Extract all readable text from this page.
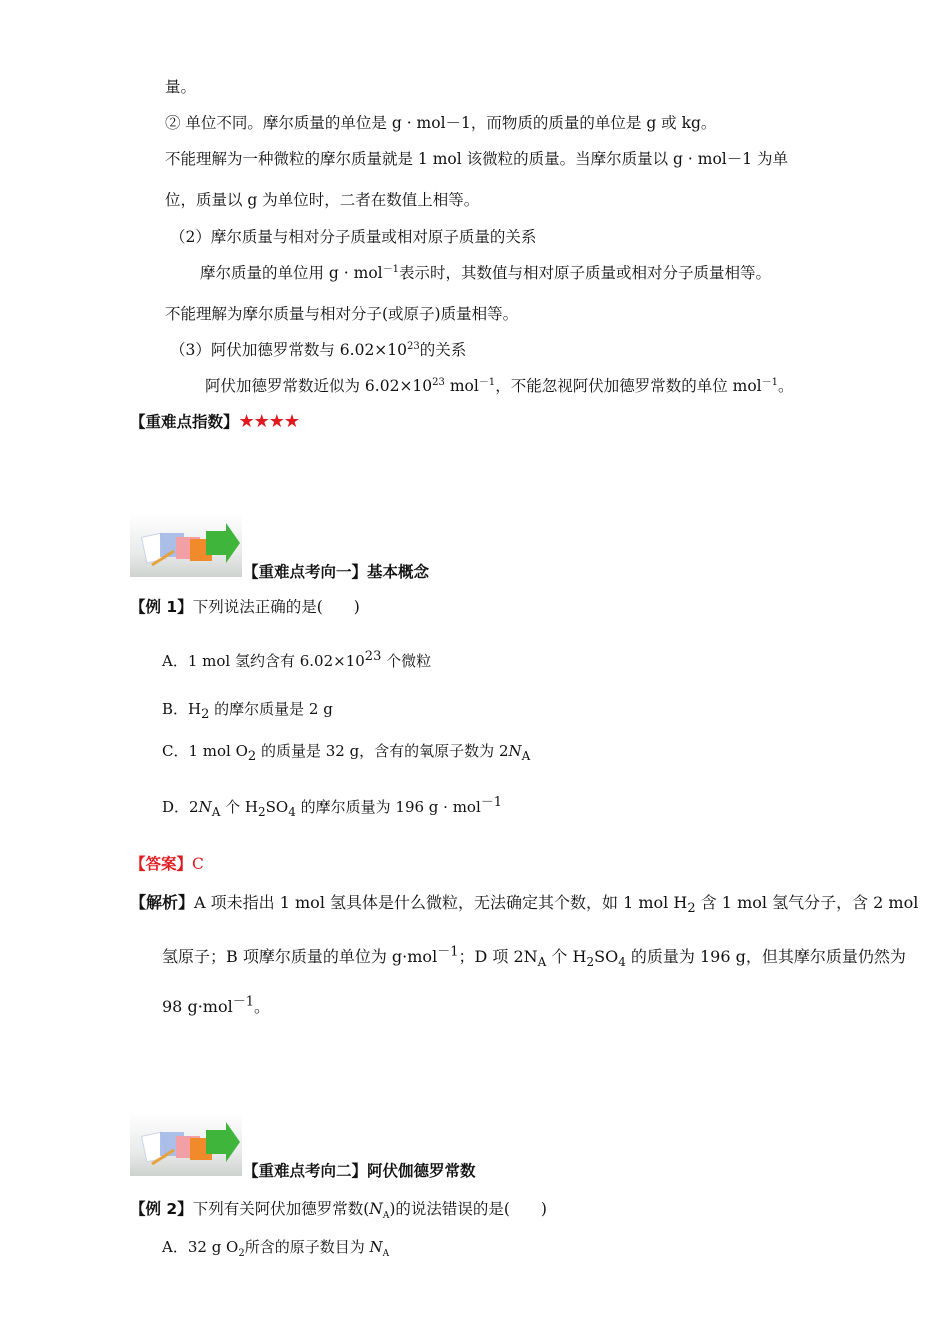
量。
② 单位不同。摩尔质量的单位是 g · mol－1，而物质的质量的单位是 g 或 kg。
不能理解为一种微粒的摩尔质量就是 1 mol 该微粒的质量。当摩尔质量以 g · mol－1 为单
位，质量以 g 为单位时，二者在数值上相等。
（2）摩尔质量与相对分子质量或相对原子质量的关系
摩尔质量的单位用 g · mol$^{-1}$表示时，其数值与相对原子质量或相对分子质量相等。
不能理解为摩尔质量与相对分子(或原子)质量相等。
（3）阿伏加德罗常数与 $6.02\times 10^{23}$的关系
阿伏加德罗常数近似为 $6.02\times 10^{23}$ mol$^{-1}$，不能忽视阿伏加德罗常数的单位 mol$^{-1}$。
【重难点指数】★★★★
【重难点考向一】基本概念
【例 1】下列说法正确的是(　　)
A．1 mol 氢约含有 $6.02\times 10^{23}$ 个微粒
B．$H_2$ 的摩尔质量是 2 g
C．1 mol $O_2$ 的质量是 32 g，含有的氧原子数为 $2N_A$
D．$2N_A$ 个 $H_2SO_4$ 的摩尔质量为 196 g · mol$^{-1}$
【答案】C
【解析】A 项未指出 1 mol 氢具体是什么微粒，无法确定其个数，如 1 mol $H_2$ 含 1 mol 氢气分子，含 2 mol
氢原子；B 项摩尔质量的单位为 g·mol$^{-1}$；D 项 $2N_A$ 个 $H_2SO_4$ 的质量为 196 g，但其摩尔质量仍然为
98 g·mol$^{-1}$。
【重难点考向二】阿伏伽德罗常数
【例 2】下列有关阿伏加德罗常数$(N_A)$的说法错误的是(　　)
A．32 g $O_2$所含的原子数目为 $N_A$
